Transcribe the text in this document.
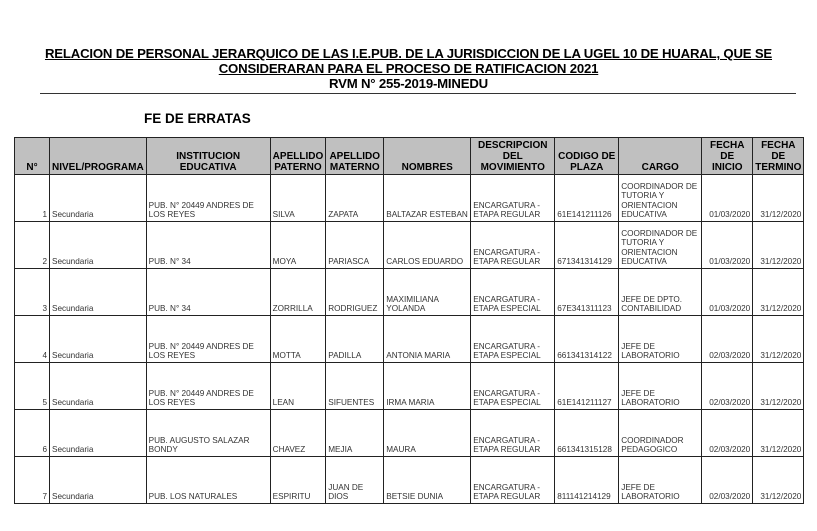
RELACION DE PERSONAL JERARQUICO DE LAS I.E.PUB. DE LA JURISDICCION DE LA UGEL 10 DE HUARAL, QUE SE
CONSIDERARAN PARA EL PROCESO DE RATIFICACION 2021
RVM N° 255-2019-MINEDU
FE DE ERRATAS
N°	NIVEL/PROGRAMA	INSTITUCION EDUCATIVA	APELLIDO PATERNO	APELLIDO MATERNO	NOMBRES	DESCRIPCION DEL MOVIMIENTO	CODIGO DE PLAZA	CARGO	FECHA DE INICIO	FECHA DE TERMINO
1	Secundaria	PUB. N° 20449 ANDRES DE LOS REYES	SILVA	ZAPATA	BALTAZAR ESTEBAN	ENCARGATURA - ETAPA REGULAR	61E141211126	COORDINADOR DE TUTORIA Y ORIENTACION EDUCATIVA	01/03/2020	31/12/2020
2	Secundaria	PUB. N° 34	MOYA	PARIASCA	CARLOS EDUARDO	ENCARGATURA - ETAPA REGULAR	671341314129	COORDINADOR DE TUTORIA Y ORIENTACION EDUCATIVA	01/03/2020	31/12/2020
3	Secundaria	PUB. N° 34	ZORRILLA	RODRIGUEZ	MAXIMILIANA YOLANDA	ENCARGATURA - ETAPA ESPECIAL	67E341311123	JEFE DE DPTO. CONTABILIDAD	01/03/2020	31/12/2020
4	Secundaria	PUB. N° 20449 ANDRES DE LOS REYES	MOTTA	PADILLA	ANTONIA MARIA	ENCARGATURA - ETAPA ESPECIAL	661341314122	JEFE DE LABORATORIO	02/03/2020	31/12/2020
5	Secundaria	PUB. N° 20449 ANDRES DE LOS REYES	LEAN	SIFUENTES	IRMA MARIA	ENCARGATURA - ETAPA ESPECIAL	61E141211127	JEFE DE LABORATORIO	02/03/2020	31/12/2020
6	Secundaria	PUB. AUGUSTO SALAZAR BONDY	CHAVEZ	MEJIA	MAURA	ENCARGATURA - ETAPA REGULAR	661341315128	COORDINADOR PEDAGOGICO	02/03/2020	31/12/2020
7	Secundaria	PUB. LOS NATURALES	ESPIRITU	JUAN DE DIOS	BETSIE DUNIA	ENCARGATURA - ETAPA REGULAR	811141214129	JEFE DE LABORATORIO	02/03/2020	31/12/2020
